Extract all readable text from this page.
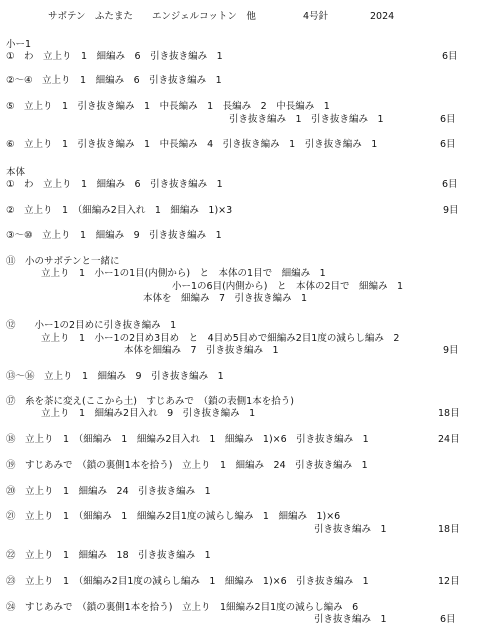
サボテン　ふたまた　　エンジェルコットン　他	4号針	2024
小ー1
①　わ　立上り　1　細編み　6　引き抜き編み　1	6目
②～④　立上り　1　細編み　6　引き抜き編み　1
⑤　立上り　1　引き抜き編み　1　中長編み　1　長編み　2　中長編み　1
引き抜き編み　1　引き抜き編み　1	6目
⑥　立上り　1　引き抜き編み　1　中長編み　4　引き抜き編み　1　引き抜き編み　1	6目
本体
①　わ　立上り　1　細編み　6　引き抜き編み　1	6目
②　立上り　1　（細編み2目入れ　1　細編み　1)×3	9目
③～⑩　立上り　1　細編み　9　引き抜き編み　1
⑪　小のサボテンと一緒に
立上り　1　小ー1の1目(内側から)　と　本体の1目で　細編み　1
小ー1の6目(内側から)　と　本体の2目で　細編み　1
本体を　細編み　7　引き抜き編み　1
⑫　　小ー1の2目めに引き抜き編み　1
立上り　1　小ー1の2目め3目め　と　4目め5目めで細編み2目1度の減らし編み　2
本体を細編み　7　引き抜き編み　1	9目
⑬～⑯　立上り　1　細編み　9　引き抜き編み　1
⑰　糸を茶に変え(ここから土)　すじあみで　（鎖の表側1本を拾う)
立上り　1　細編み2目入れ　9　引き抜き編み　1	18目
⑱　立上り　1　（細編み　1　細編み2目入れ　1　細編み　1)×6　引き抜き編み　1	24目
⑲　すじあみで　（鎖の裏側1本を拾う)　立上り　1　細編み　24　引き抜き編み　1
⑳　立上り　1　細編み　24　引き抜き編み　1
㉑　立上り　1　（細編み　1　細編み2目1度の減らし編み　1　細編み　1)×6
引き抜き編み　1	18目
㉒　立上り　1　細編み　18　引き抜き編み　1
㉓　立上り　1　（細編み2目1度の減らし編み　1　細編み　1)×6　引き抜き編み　1	12目
㉔　すじあみで　（鎖の裏側1本を拾う)　立上り　1細編み2目1度の減らし編み　6
引き抜き編み　1	6目
